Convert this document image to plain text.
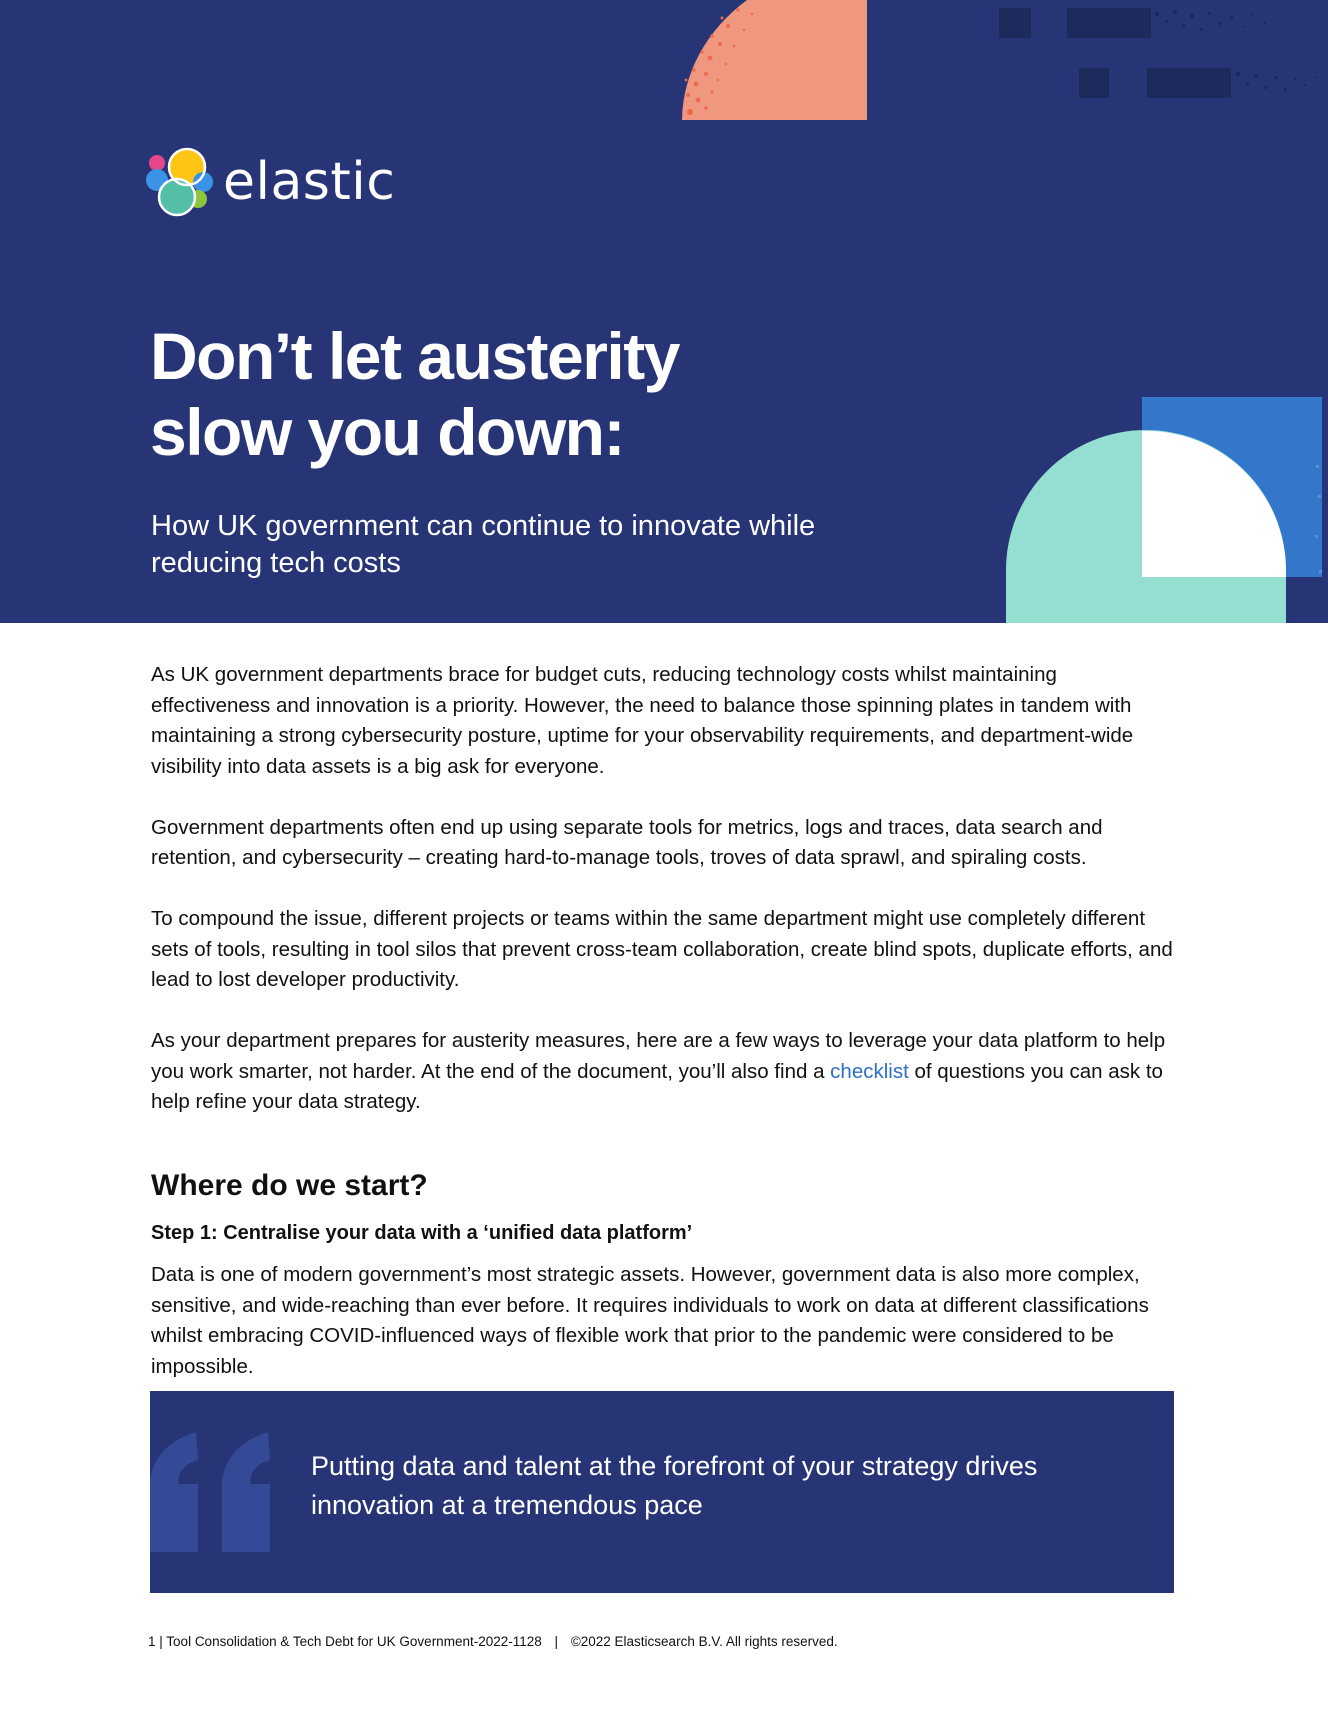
elastic
Don’t let austerity
slow you down:

How UK government can continue to innovate while
reducing tech costs

As UK government departments brace for budget cuts, reducing technology costs whilst maintaining effectiveness and innovation is a priority. However, the need to balance those spinning plates in tandem with maintaining a strong cybersecurity posture, uptime for your observability requirements, and department-wide visibility into data assets is a big ask for everyone.

Government departments often end up using separate tools for metrics, logs and traces, data search and retention, and cybersecurity – creating hard-to-manage tools, troves of data sprawl, and spiraling costs.

To compound the issue, different projects or teams within the same department might use completely different sets of tools, resulting in tool silos that prevent cross-team collaboration, create blind spots, duplicate efforts, and lead to lost developer productivity.

As your department prepares for austerity measures, here are a few ways to leverage your data platform to help you work smarter, not harder. At the end of the document, you’ll also find a checklist of questions you can ask to help refine your data strategy.

Where do we start?
Step 1: Centralise your data with a ‘unified data platform’

Data is one of modern government’s most strategic assets. However, government data is also more complex, sensitive, and wide-reaching than ever before. It requires individuals to work on data at different classifications whilst embracing COVID-influenced ways of flexible work that prior to the pandemic were considered to be impossible.

Putting data and talent at the forefront of your strategy drives innovation at a tremendous pace

1 | Tool Consolidation & Tech Debt for UK Government-2022-1128 | ©2022 Elasticsearch B.V. All rights reserved.
